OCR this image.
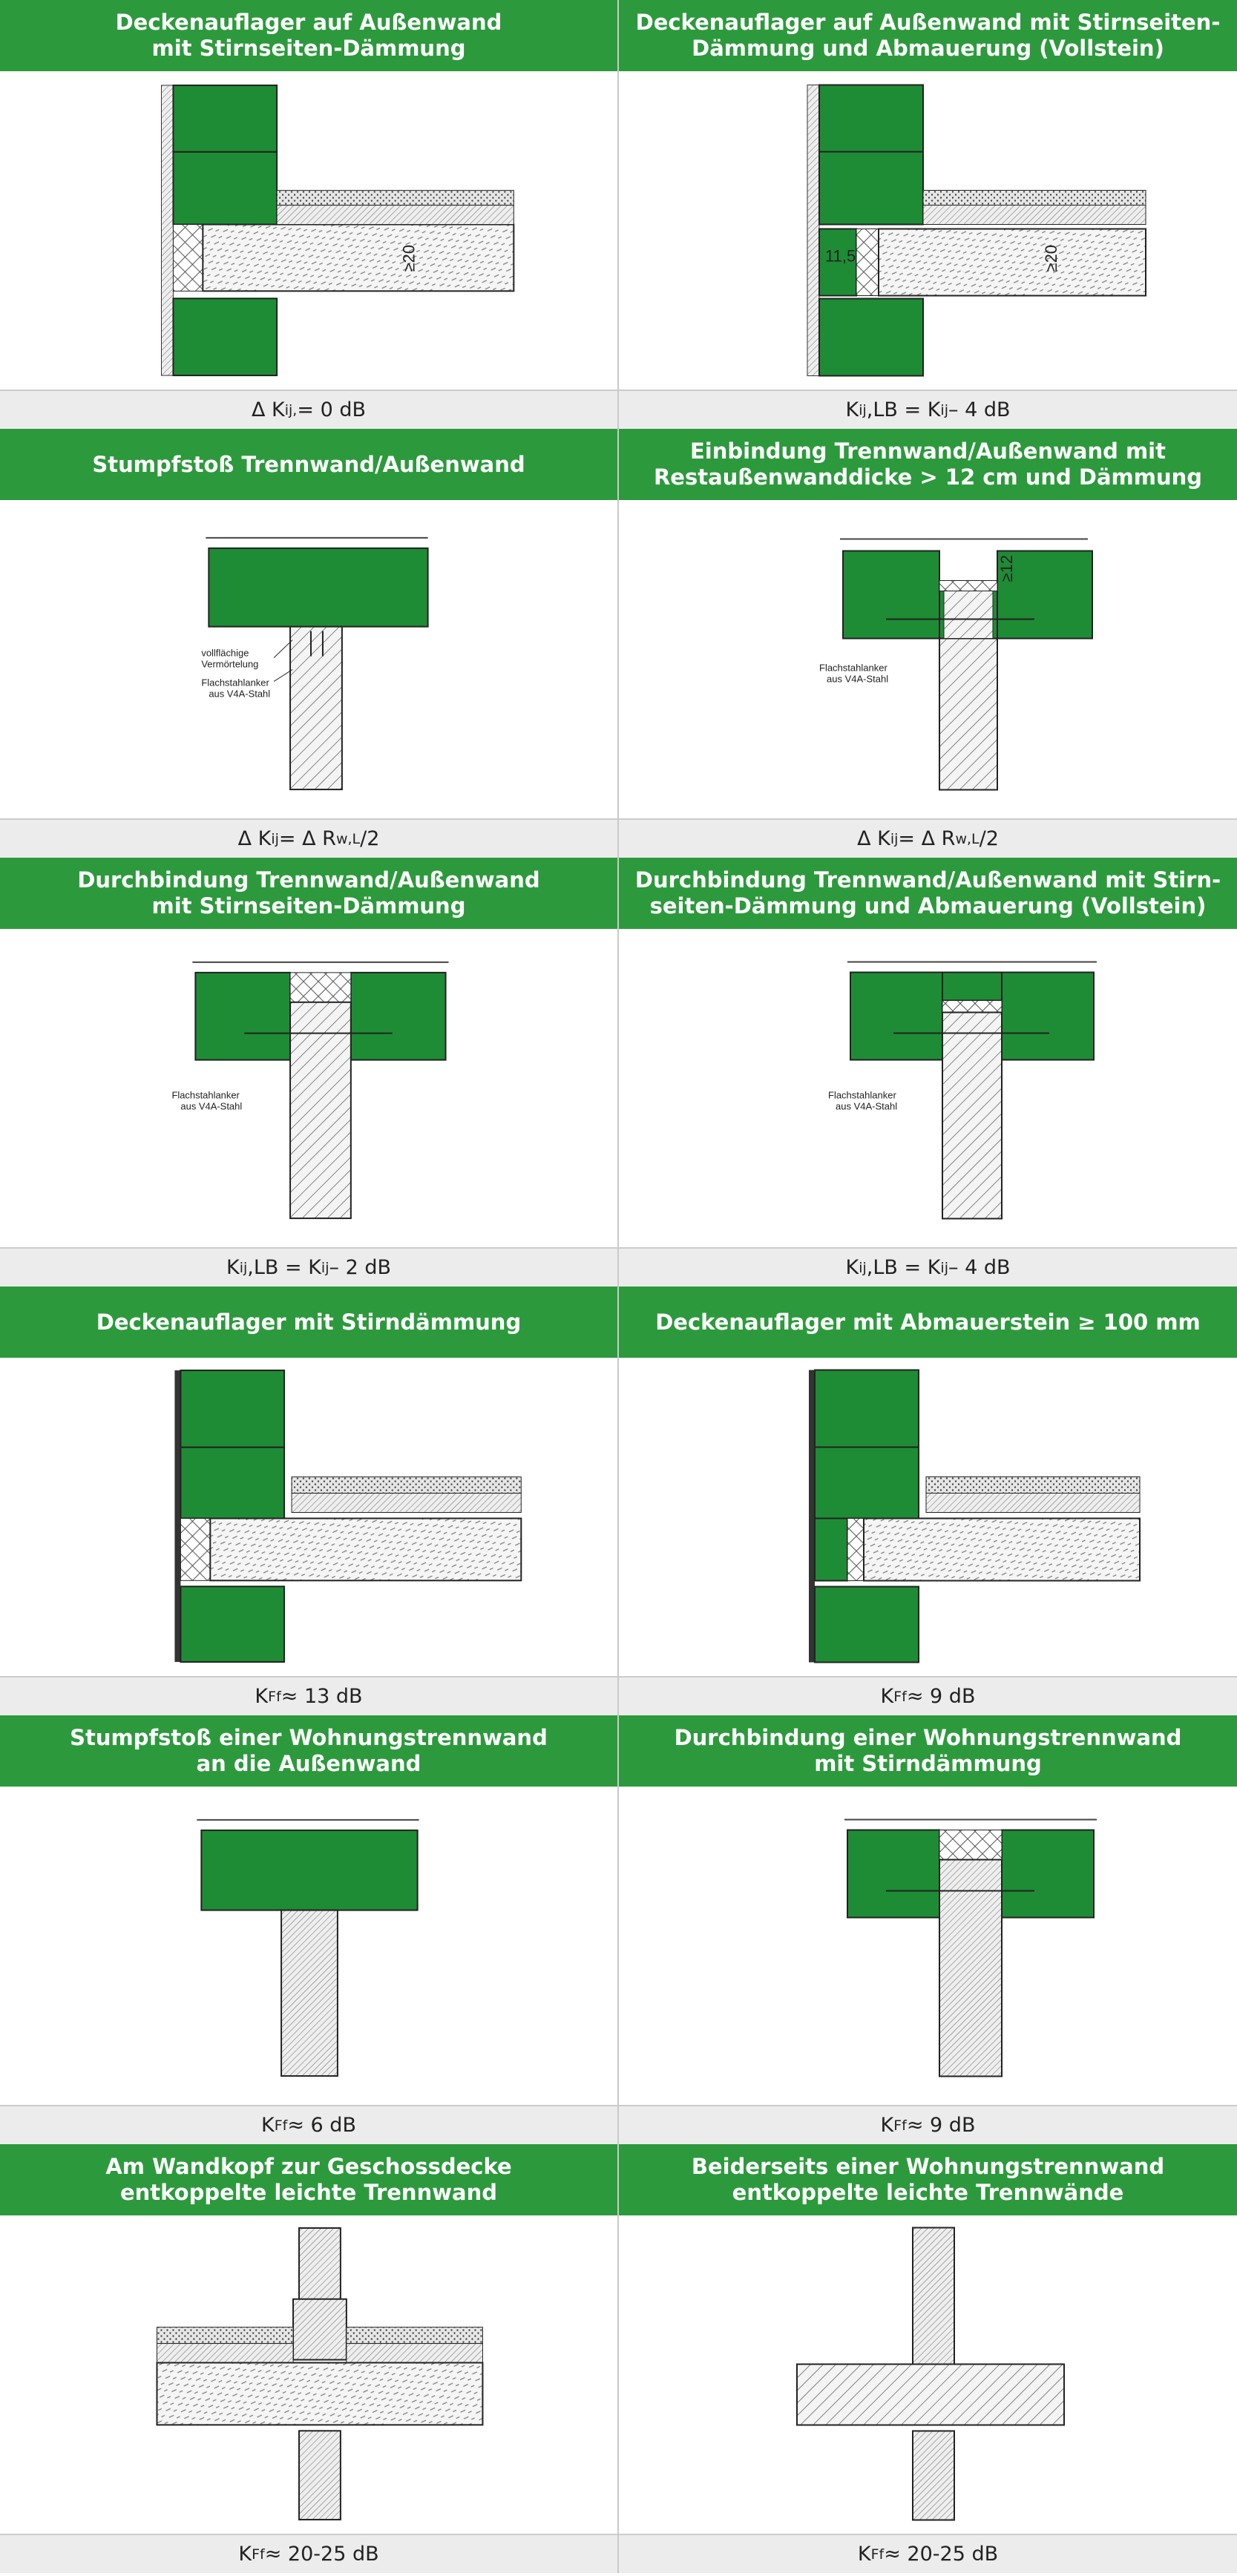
Deckenauflager auf Außenwand
mit Stirnseiten-Dämmung
≥20
Δ K ij, = 0 dB
Deckenauflager auf Außenwand mit Stirnseiten-
Dämmung und Abmauerung (Vollstein)
11,5	≥20
K ij ,LB = K ij – 4 dB
Stumpfstoß Trennwand/Außenwand
vollflächige
Vermörtelung
Flachstahlanker
aus V4A-Stahl
Δ K ij = Δ R w,L /2
Einbindung Trennwand/Außenwand mit
Restaußenwanddicke > 12 cm und Dämmung
≥12
Flachstahlanker
aus V4A-Stahl
Δ K ij = Δ R w,L /2
Durchbindung Trennwand/Außenwand
mit Stirnseiten-Dämmung
Flachstahlanker
aus V4A-Stahl
K ij ,LB = K ij – 2 dB
Durchbindung Trennwand/Außenwand mit Stirn-
seiten-Dämmung und Abmauerung (Vollstein)
Flachstahlanker
aus V4A-Stahl
K ij ,LB = K ij – 4 dB
Deckenauflager mit Stirndämmung
K Ff ≈ 13 dB
Deckenauflager mit Abmauerstein ≥ 100 mm
K Ff ≈ 9 dB
Stumpfstoß einer Wohnungstrennwand
an die Außenwand
K Ff ≈ 6 dB
Durchbindung einer Wohnungstrennwand
mit Stirndämmung
K Ff ≈ 9 dB
Am Wandkopf zur Geschossdecke
entkoppelte leichte Trennwand
K Ff ≈ 20-25 dB
Beiderseits einer Wohnungstrennwand
entkoppelte leichte Trennwände
K Ff ≈ 20-25 dB
